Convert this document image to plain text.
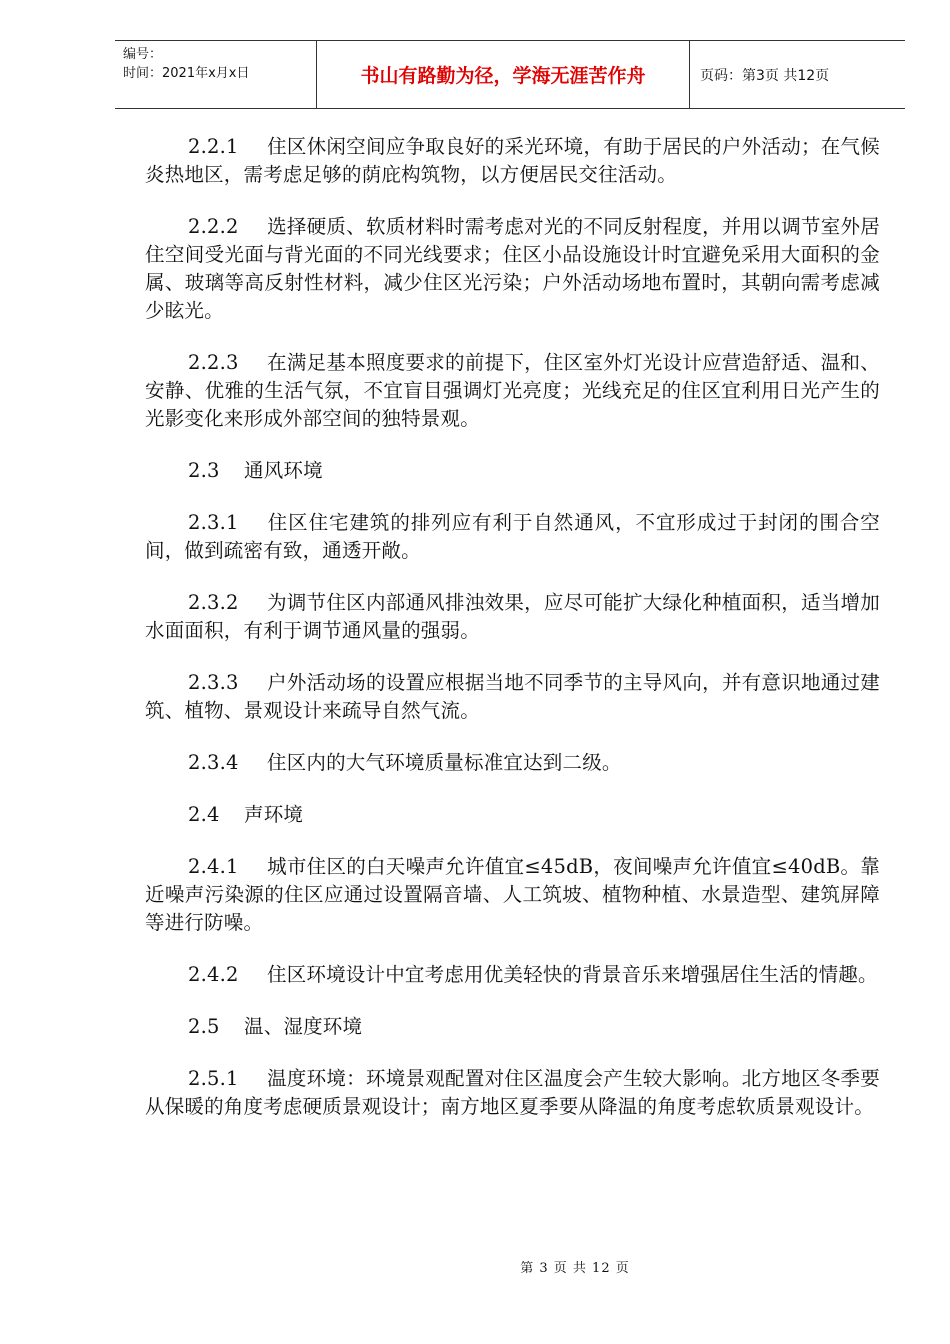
编号：
时间：2021年x月x日	书山有路勤为径，学海无涯苦作舟	页码：第3页 共12页

2.2.1 住区休闲空间应争取良好的采光环境，有助于居民的户外活动；在气候炎热地区，需考虑足够的荫庇构筑物，以方便居民交往活动。

2.2.2 选择硬质、软质材料时需考虑对光的不同反射程度，并用以调节室外居住空间受光面与背光面的不同光线要求；住区小品设施设计时宜避免采用大面积的金属、玻璃等高反射性材料，减少住区光污染；户外活动场地布置时，其朝向需考虑减少眩光。

2.2.3 在满足基本照度要求的前提下，住区室外灯光设计应营造舒适、温和、安静、优雅的生活气氛，不宜盲目强调灯光亮度；光线充足的住区宜利用日光产生的光影变化来形成外部空间的独特景观。

2.3 通风环境

2.3.1 住区住宅建筑的排列应有利于自然通风，不宜形成过于封闭的围合空间，做到疏密有致，通透开敞。

2.3.2 为调节住区内部通风排浊效果，应尽可能扩大绿化种植面积，适当增加水面面积，有利于调节通风量的强弱。

2.3.3 户外活动场的设置应根据当地不同季节的主导风向，并有意识地通过建筑、植物、景观设计来疏导自然气流。

2.3.4 住区内的大气环境质量标准宜达到二级。

2.4 声环境

2.4.1 城市住区的白天噪声允许值宜≤45dB，夜间噪声允许值宜≤40dB。靠近噪声污染源的住区应通过设置隔音墙、人工筑坡、植物种植、水景造型、建筑屏障等进行防噪。

2.4.2 住区环境设计中宜考虑用优美轻快的背景音乐来增强居住生活的情趣。

2.5 温、湿度环境

2.5.1 温度环境：环境景观配置对住区温度会产生较大影响。北方地区冬季要从保暖的角度考虑硬质景观设计；南方地区夏季要从降温的角度考虑软质景观设计。

第 3 页 共 12 页
